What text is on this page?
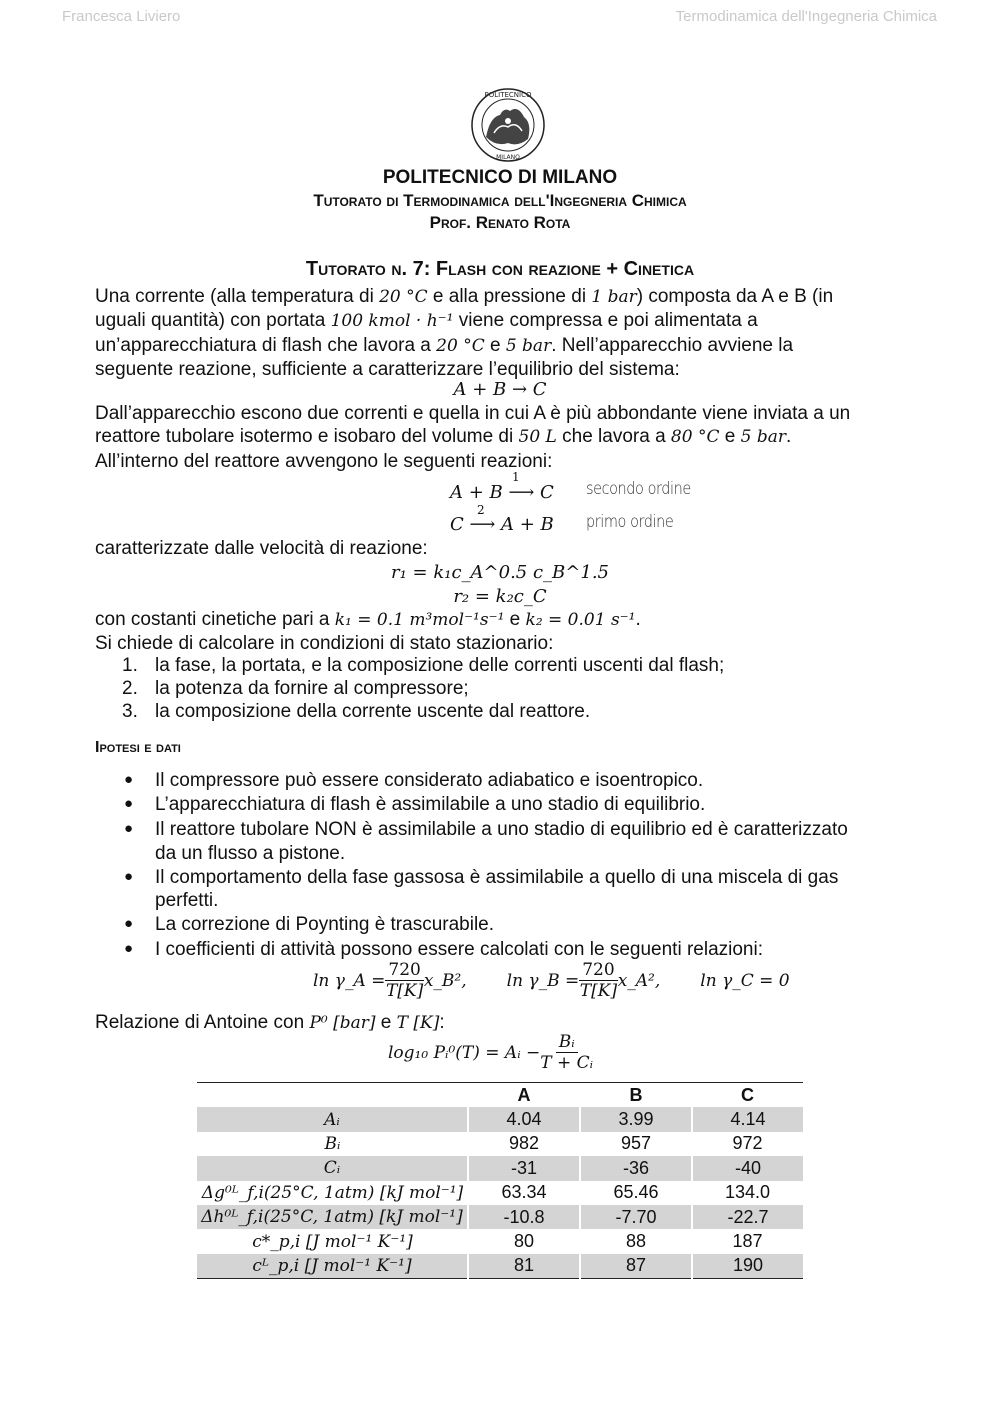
Francesca Liviero	Termodinamica dell'Ingegneria Chimica
POLITECNICO
MILANO
POLITECNICO DI MILANO
Tutorato di Termodinamica dell'Ingegneria Chimica
Prof. Renato Rota
Tutorato n. 7: Flash con reazione + Cinetica
Una corrente (alla temperatura di 20 °C e alla pressione di 1 bar) composta da A e B (in
uguali quantità) con portata 100 kmol · h⁻¹ viene compressa e poi alimentata a
un’apparecchiatura di flash che lavora a 20 °C e 5 bar. Nell’apparecchio avviene la
seguente reazione, sufficiente a caratterizzare l’equilibrio del sistema:
A + B → C
Dall’apparecchio escono due correnti e quella in cui A è più abbondante viene inviata a un
reattore tubolare isotermo e isobaro del volume di 50 L che lavora a 80 °C e 5 bar.
All’interno del reattore avvengono le seguenti reazioni:
1
A + B ⟶ C secondo ordine
2
C ⟶ A + B primo ordine
caratterizzate dalle velocità di reazione:
r₁ = k₁c_A^0.5 c_B^1.5
r₂ = k₂c_C
con costanti cinetiche pari a k₁ = 0.1 m³mol⁻¹s⁻¹ e k₂ = 0.01 s⁻¹.
Si chiede di calcolare in condizioni di stato stazionario:
1. la fase, la portata, e la composizione delle correnti uscenti dal flash;
2. la potenza da fornire al compressore;
3. la composizione della corrente uscente dal reattore.
Ipotesi e dati
● Il compressore può essere considerato adiabatico e isoentropico.
● L’apparecchiatura di flash è assimilabile a uno stadio di equilibrio.
● Il reattore tubolare NON è assimilabile a uno stadio di equilibrio ed è caratterizzato
da un flusso a pistone.
● Il comportamento della fase gassosa è assimilabile a quello di una miscela di gas
perfetti.
● La correzione di Poynting è trascurabile.
● I coefficienti di attività possono essere calcolati con le seguenti relazioni:
ln γ_A = $\frac{720}{T[K]}$ x_B², ln γ_B = $\frac{720}{T[K]}$ x_A², ln γ_C = 0
Relazione di Antoine con P⁰ [bar] e T [K]:
log₁₀ Pᵢ⁰(T) = Aᵢ − $\frac{\text{Bᵢ}}{\text{T + Cᵢ}}$
	A	B	C
Aᵢ	4.04	3.99	4.14
Bᵢ	982	957	972
Cᵢ	-31	-36	-40
Δg⁰ᴸ_f,i(25°C, 1atm) [kJ mol⁻¹]	63.34	65.46	134.0
Δh⁰ᴸ_f,i(25°C, 1atm) [kJ mol⁻¹]	-10.8	-7.70	-22.7
c*_p,i [J mol⁻¹ K⁻¹]	80	88	187
cᴸ_p,i [J mol⁻¹ K⁻¹]	81	87	190
